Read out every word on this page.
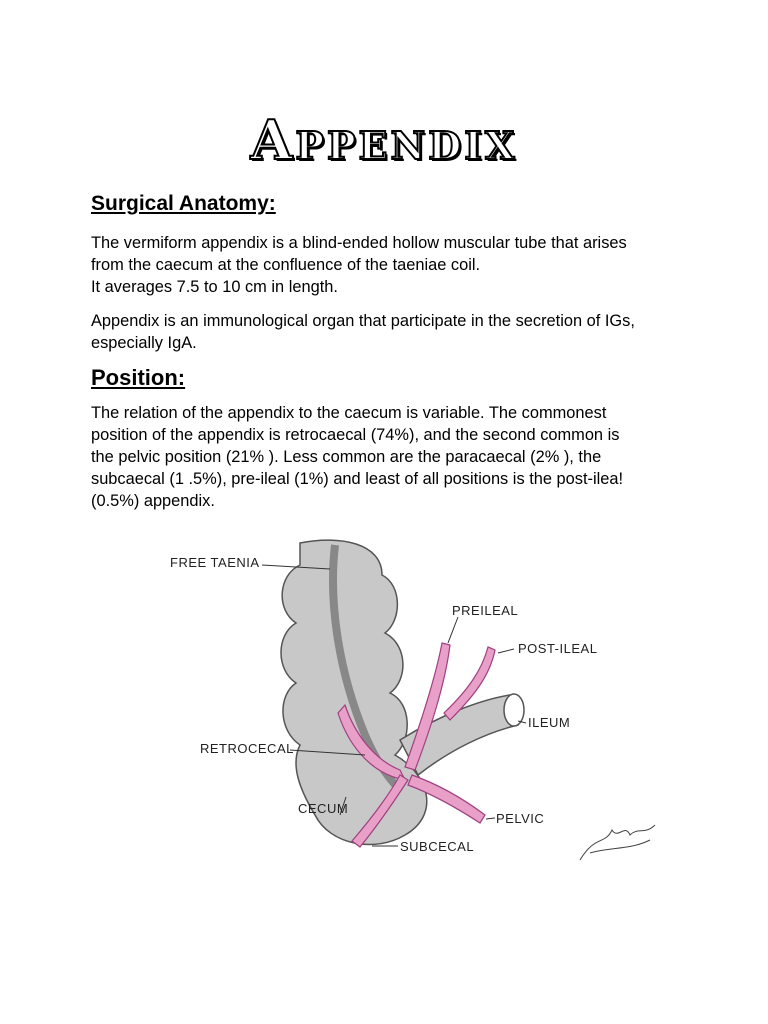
Appendix
Surgical Anatomy:

The vermiform appendix is a blind-ended hollow muscular tube that arises
from the caecum at the confluence of the taeniae coil.
It averages 7.5 to 10 cm in length.

Appendix is an immunological organ that participate in the secretion of IGs,
especially IgA.

Position:

The relation of the appendix to the caecum is variable. The commonest
position of the appendix is retrocaecal (74%), and the second common is
the pelvic position (21% ). Less common are the paracaecal (2% ), the
subcaecal (1 .5%), pre-ileal (1%) and least of all positions is the post-ilea!
(0.5%) appendix.

FREE TAENIA
PREILEAL
POST-ILEAL
ILEUM
RETROCECAL
CECUM
PELVIC
SUBCECAL
